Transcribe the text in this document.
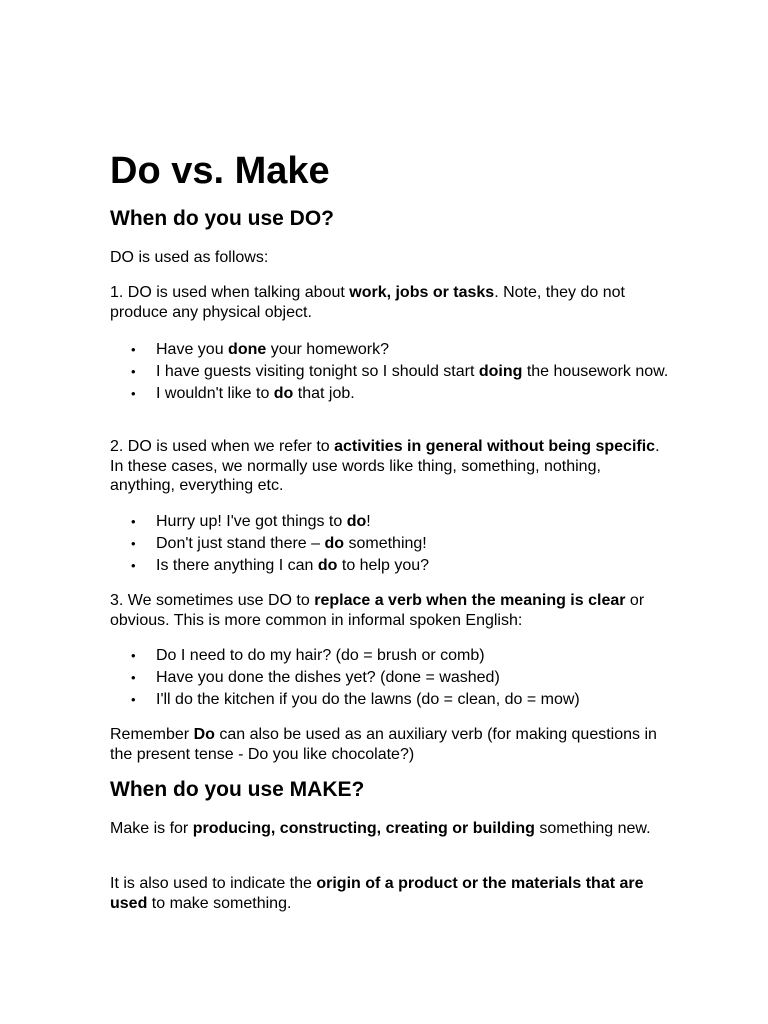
Do vs. Make
When do you use DO?

DO is used as follows:

1. DO is used when talking about work, jobs or tasks. Note, they do not produce any physical object.

• Have you done your homework?
• I have guests visiting tonight so I should start doing the housework now.
• I wouldn't like to do that job.

2. DO is used when we refer to activities in general without being specific. In these cases, we normally use words like thing, something, nothing, anything, everything etc.

• Hurry up! I've got things to do!
• Don't just stand there – do something!
• Is there anything I can do to help you?

3. We sometimes use DO to replace a verb when the meaning is clear or obvious. This is more common in informal spoken English:

• Do I need to do my hair? (do = brush or comb)
• Have you done the dishes yet? (done = washed)
• I'll do the kitchen if you do the lawns (do = clean, do = mow)

Remember Do can also be used as an auxiliary verb (for making questions in the present tense - Do you like chocolate?)

When do you use MAKE?

Make is for producing, constructing, creating or building something new.

It is also used to indicate the origin of a product or the materials that are used to make something.
